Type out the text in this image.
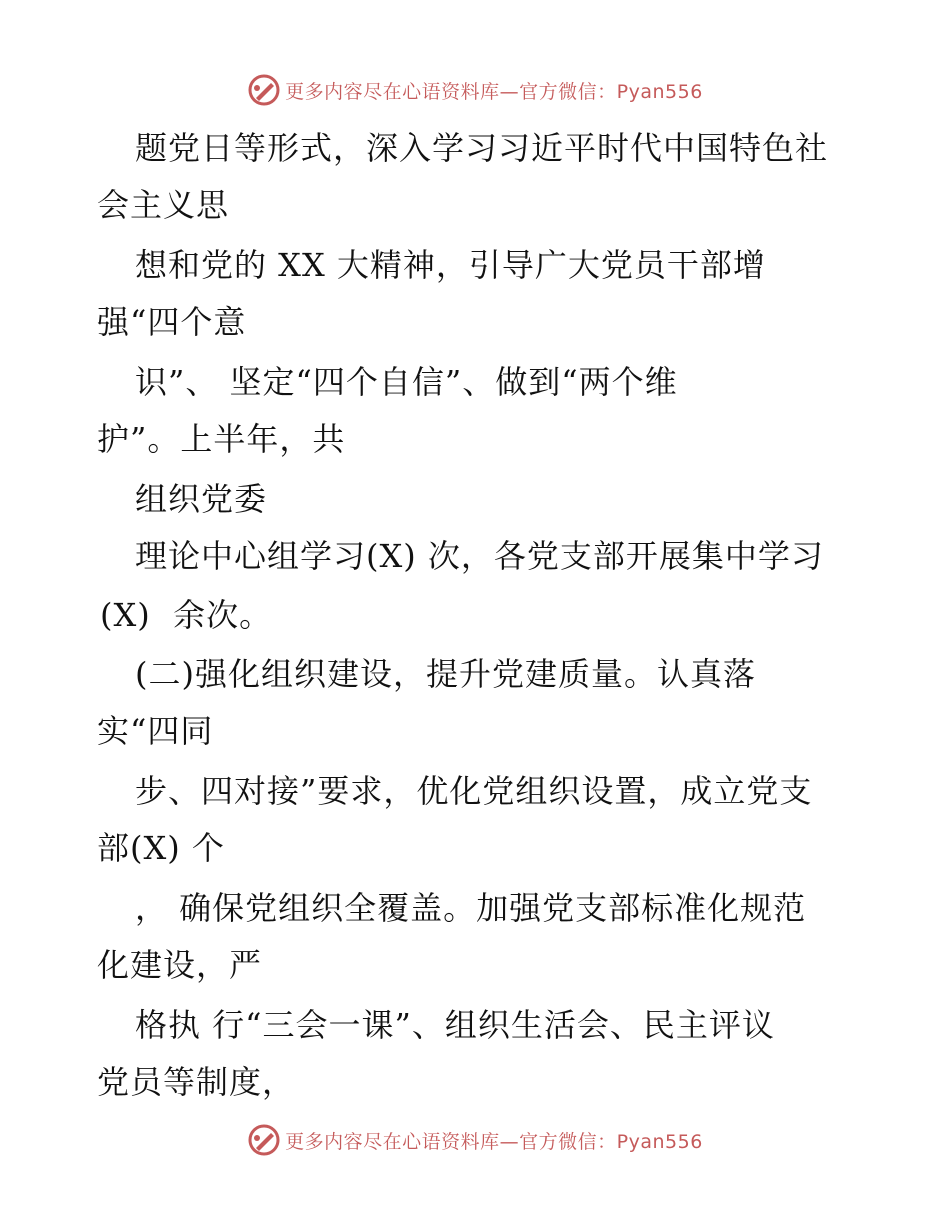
更多内容尽在心语资料库—官方微信：Pyan556
题党日等形式，深入学习习近平时代中国特色社
会主义思
想和党的 XX 大精神，引导广大党员干部增
强“四个意
识”、 坚定“四个自信”、做到“两个维
护”。上半年，共
组织党委
理论中心组学习(X) 次，各党支部开展集中学习
(X)  余次。
(二)强化组织建设，提升党建质量。认真落
实“四同
步、四对接”要求，优化党组织设置，成立党支
部(X) 个
， 确保党组织全覆盖。加强党支部标准化规范
化建设，严
格执 行“三会一课”、组织生活会、民主评议
党员等制度，
更多内容尽在心语资料库—官方微信：Pyan556
